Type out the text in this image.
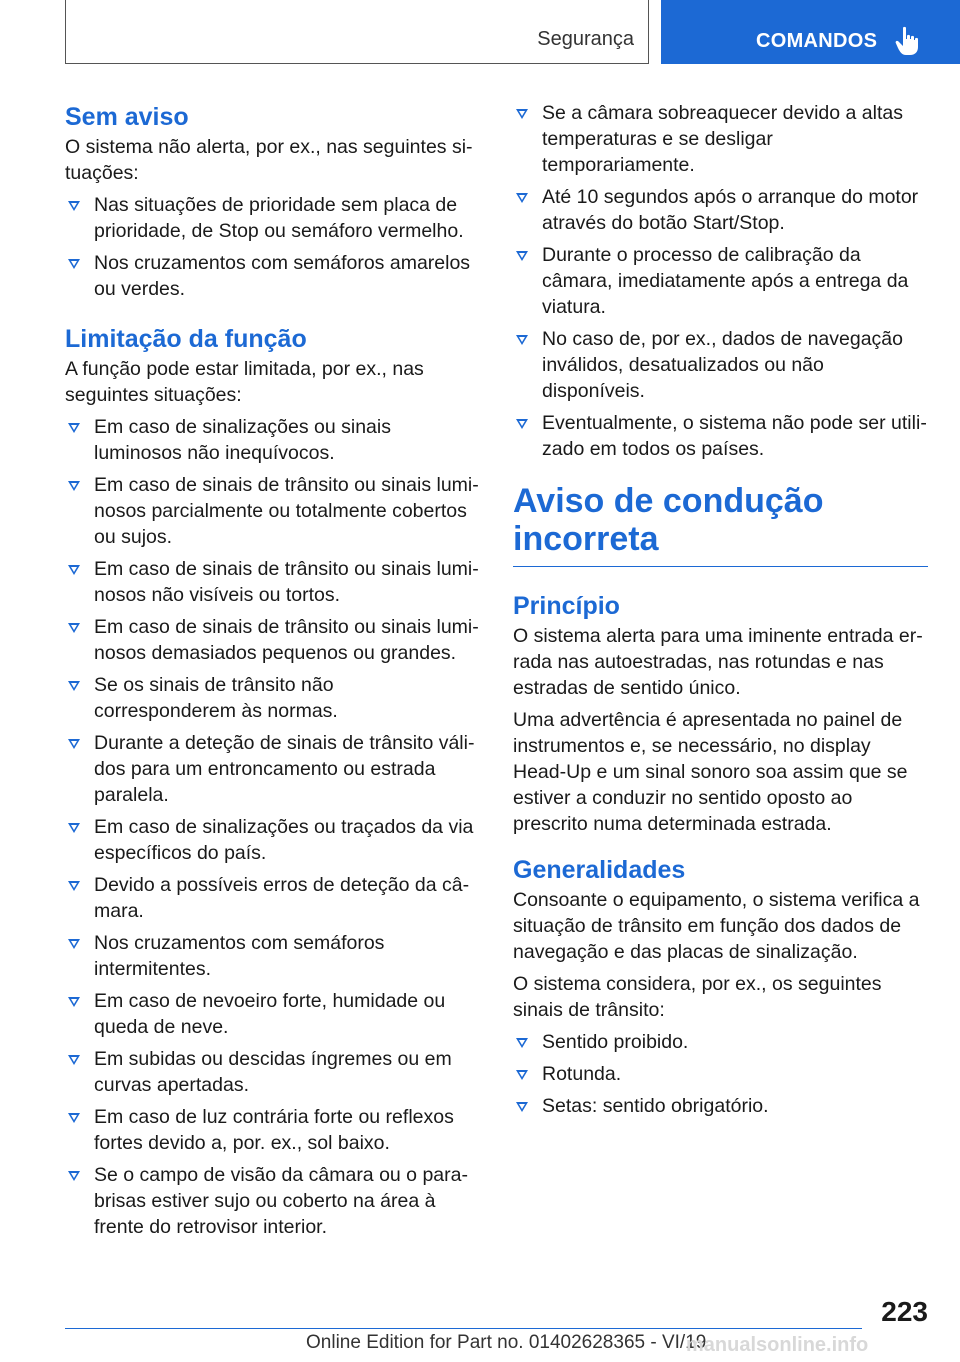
Segurança	COMANDOS
Sem aviso

O sistema não alerta, por ex., nas seguintes situações:

Nas situações de prioridade sem placa de prioridade, de Stop ou semáforo vermelho.
Nos cruzamentos com semáforos amarelos ou verdes.
Limitação da função

A função pode estar limitada, por ex., nas seguintes situações:

Em caso de sinalizações ou sinais luminosos não inequívocos.
Em caso de sinais de trânsito ou sinais luminosos parcialmente ou totalmente cobertos ou sujos.
Em caso de sinais de trânsito ou sinais luminosos não visíveis ou tortos.
Em caso de sinais de trânsito ou sinais luminosos demasiados pequenos ou grandes.
Se os sinais de trânsito não corresponderem às normas.
Durante a deteção de sinais de trânsito válidos para um entroncamento ou estrada paralela.
Em caso de sinalizações ou traçados da via específicos do país.
Devido a possíveis erros de deteção da câmara.
Nos cruzamentos com semáforos intermitentes.
Em caso de nevoeiro forte, humidade ou queda de neve.
Em subidas ou descidas íngremes ou em curvas apertadas.
Em caso de luz contrária forte ou reflexos fortes devido a, por. ex., sol baixo.
Se o campo de visão da câmara ou o para-brisas estiver sujo ou coberto na área à frente do retrovisor interior.
Se a câmara sobreaquecer devido a altas temperaturas e se desligar temporariamente.
Até 10 segundos após o arranque do motor através do botão Start/Stop.
Durante o processo de calibração da câmara, imediatamente após a entrega da viatura.
No caso de, por ex., dados de navegação inválidos, desatualizados ou não disponíveis.
Eventualmente, o sistema não pode ser utilizado em todos os países.
Aviso de condução incorreta
Princípio

O sistema alerta para uma iminente entrada errada nas autoestradas, nas rotundas e nas estradas de sentido único.

Uma advertência é apresentada no painel de instrumentos e, se necessário, no display Head-Up e um sinal sonoro soa assim que se estiver a conduzir no sentido oposto ao prescrito numa determinada estrada.

Generalidades

Consoante o equipamento, o sistema verifica a situação de trânsito em função dos dados de navegação e das placas de sinalização.

O sistema considera, por ex., os seguintes sinais de trânsito:

Sentido proibido.
Rotunda.
Setas: sentido obrigatório.
223
Online Edition for Part no. 01402628365 - VI/19
manualsonline.info
